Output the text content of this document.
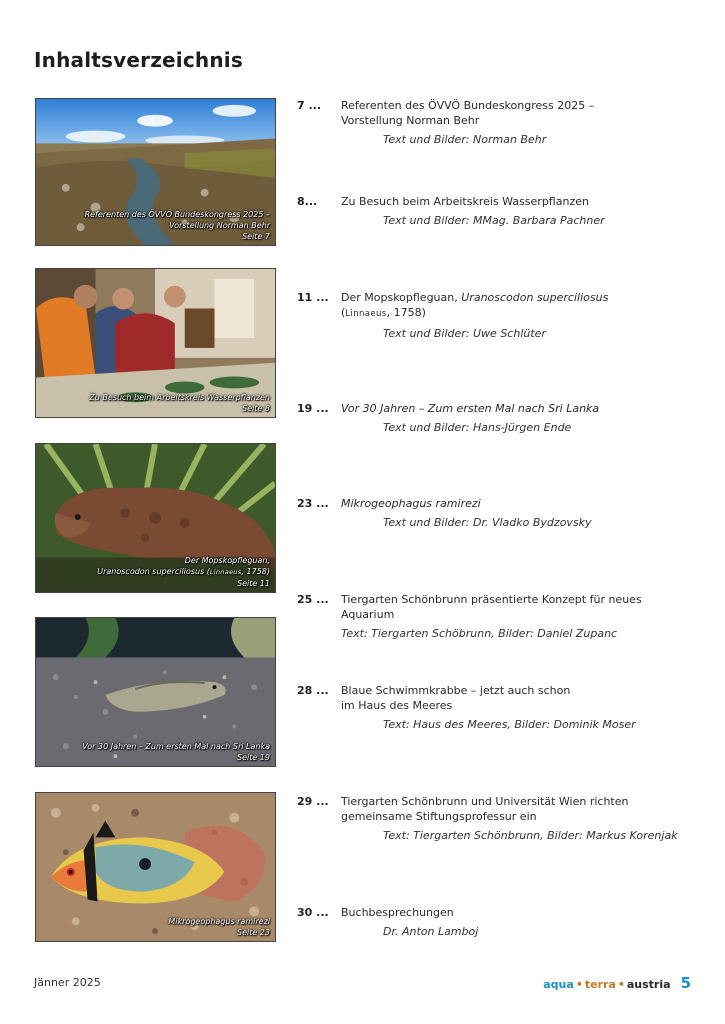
Inhaltsverzeichnis
Referenten des ÖVVÖ Bundeskongress 2025 –
Vorstellung Norman Behr
Seite 7
Zu Besuch beim Arbeitskreis Wasserpflanzen
Seite 8
Der Mopskopfleguan,
Uranoscodon superciliosus (Linnaeus, 1758)
Seite 11
Vor 30 Jahren – Zum ersten Mal nach Sri Lanka
Seite 19
Mikrogeophagus ramirezi
Seite 23
7 ...	Referenten des ÖVVÖ Bundeskongress 2025 –
Vorstellung Norman Behr
Text und Bilder: Norman Behr
8...	Zu Besuch beim Arbeitskreis Wasserpflanzen
Text und Bilder: MMag. Barbara Pachner
11 ...	Der Mopskopfleguan, Uranoscodon superciliosus
(Linnaeus, 1758)
Text und Bilder: Uwe Schlüter
19 ...	Vor 30 Jahren – Zum ersten Mal nach Sri Lanka
Text und Bilder: Hans-Jürgen Ende
23 ...	Mikrogeophagus ramirezi
Text und Bilder: Dr. Vladko Bydzovsky
25 ...	Tiergarten Schönbrunn präsentierte Konzept für neues
Aquarium
Text: Tiergarten Schöbrunn, Bilder: Daniel Zupanc
28 ...	Blaue Schwimmkrabbe – jetzt auch schon
im Haus des Meeres
Text: Haus des Meeres, Bilder: Dominik Moser
29 ...	Tiergarten Schönbrunn und Universität Wien richten
gemeinsame Stiftungsprofessur ein
Text: Tiergarten Schönbrunn, Bilder: Markus Korenjak
30 ...	Buchbesprechungen
Dr. Anton Lamboj
Jänner 2025	aqua • terra • austria 5
